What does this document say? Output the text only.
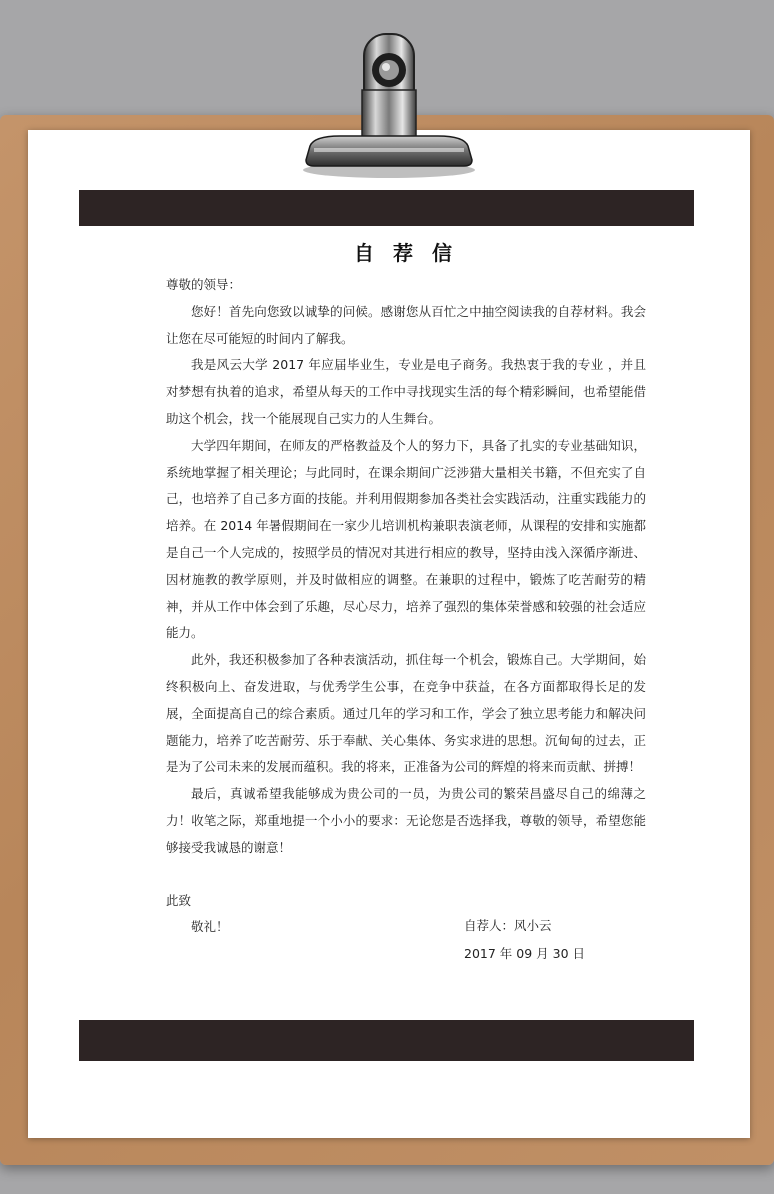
自 荐 信
尊敬的领导：
您好！首先向您致以诚挚的问候。感谢您从百忙之中抽空阅读我的自荐材料。我会让您在尽可能短的时间内了解我。
我是风云大学 2017 年应届毕业生，专业是电子商务。我热衷于我的专业 ，并且对梦想有执着的追求，希望从每天的工作中寻找现实生活的每个精彩瞬间，也希望能借助这个机会，找一个能展现自己实力的人生舞台。
大学四年期间，在师友的严格教益及个人的努力下，具备了扎实的专业基础知识，系统地掌握了相关理论；与此同时，在课余期间广泛涉猎大量相关书籍，不但充实了自己，也培养了自己多方面的技能。并利用假期参加各类社会实践活动，注重实践能力的培养。在 2014 年暑假期间在一家少儿培训机构兼职表演老师，从课程的安排和实施都是自己一个人完成的，按照学员的情况对其进行相应的教导，坚持由浅入深循序渐进、因材施教的教学原则，并及时做相应的调整。在兼职的过程中，锻炼了吃苦耐劳的精神，并从工作中体会到了乐趣，尽心尽力，培养了强烈的集体荣誉感和较强的社会适应能力。
此外，我还积极参加了各种表演活动，抓住每一个机会，锻炼自己。大学期间，始终积极向上、奋发进取，与优秀学生公事，在竞争中获益，在各方面都取得长足的发展，全面提高自己的综合素质。通过几年的学习和工作，学会了独立思考能力和解决问题能力，培养了吃苦耐劳、乐于奉献、关心集体、务实求进的思想。沉甸甸的过去，正是为了公司未来的发展而蕴积。我的将来，正准备为公司的辉煌的将来而贡献、拼搏！
最后，真诚希望我能够成为贵公司的一员，为贵公司的繁荣昌盛尽自己的绵薄之力！收笔之际，郑重地提一个小小的要求：无论您是否选择我，尊敬的领导，希望您能够接受我诚恳的谢意！
此致
敬礼！	自荐人：风小云
2017 年 09 月 30 日
